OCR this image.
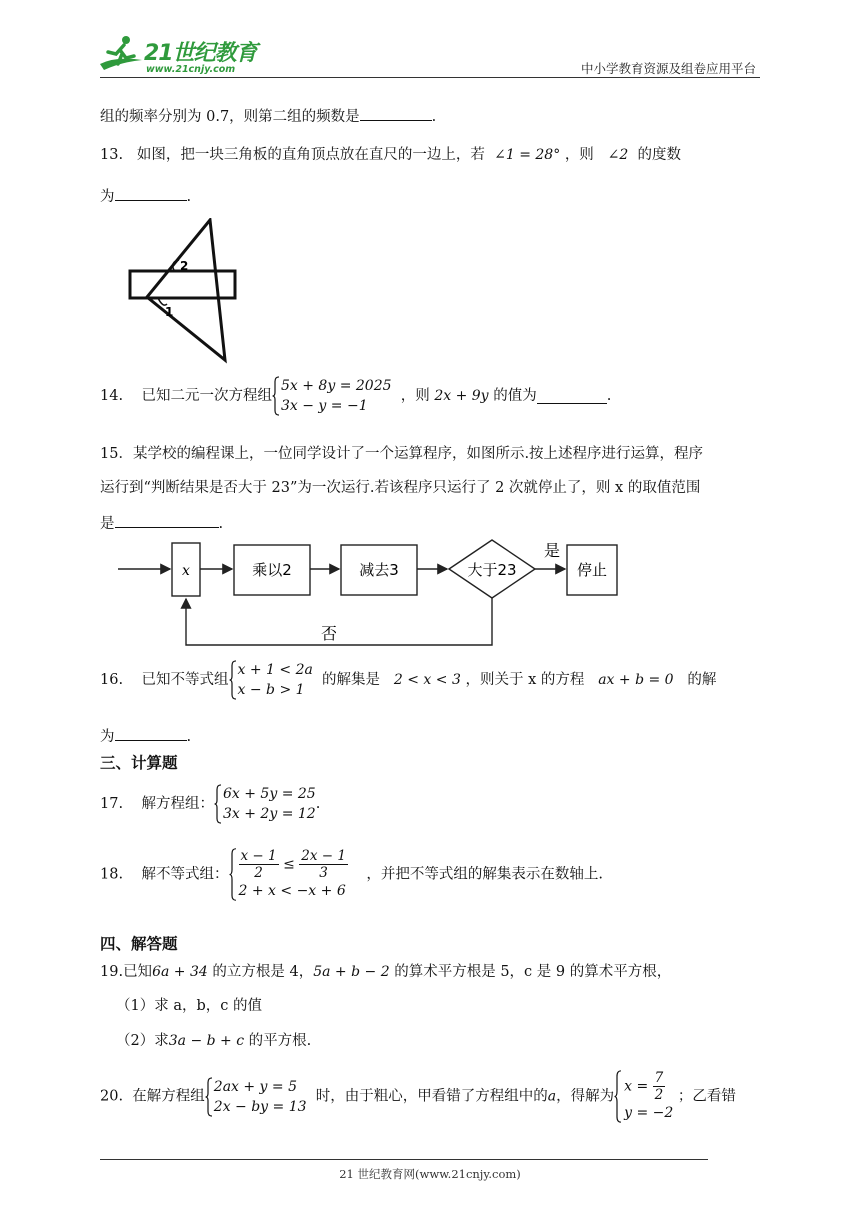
21世纪教育
www.21cnjy.com	中小学教育资源及组卷应用平台
组的频率分别为 0.7，则第二组的频数是	.
13. 如图，把一块三角板的直角顶点放在直尺的一边上，若 ∠1 = 28° ，则 ∠2 的度数
为	.
1
2
14. 已知二元一次方程组
5x + 8y = 2025
3x − y = −1
，则 2x + 9y 的值为	.
15．某学校的编程课上，一位同学设计了一个运算程序，如图所示.按上述程序进行运算，程序
运行到“判断结果是否大于 23”为一次运行.若该程序只运行了 2 次就停止了，则 x 的取值范围
是	.
x	乘以2	减去3	大于23
是
停止
否
16. 已知不等式组
x + 1 < 2a
x − b > 1
的解集是 2 < x < 3 ，则关于 x 的方程 ax + b = 0 的解
为	.
三、计算题
17. 解方程组：
6x + 5y = 25
3x + 2y = 12
.
18. 解不等式组： $\frac{x - 1}{2} \le \frac{2x - 1}{3}$
2 + x < −x + 6
，并把不等式组的解集表示在数轴上.
四、解答题
19.已知6a + 34 的立方根是 4，5a + b − 2 的算术平方根是 5，c 是 9 的算术平方根，
（1）求 a，b，c 的值
（2）求3a − b + c 的平方根.
20. 在解方程组
2ax + y = 5
2x − by = 13
时，由于粗心，甲看错了方程组中的a，得解为
$x = \frac{7}{2}$
y = −2
；乙看错
21 世纪教育网(www.21cnjy.com)
